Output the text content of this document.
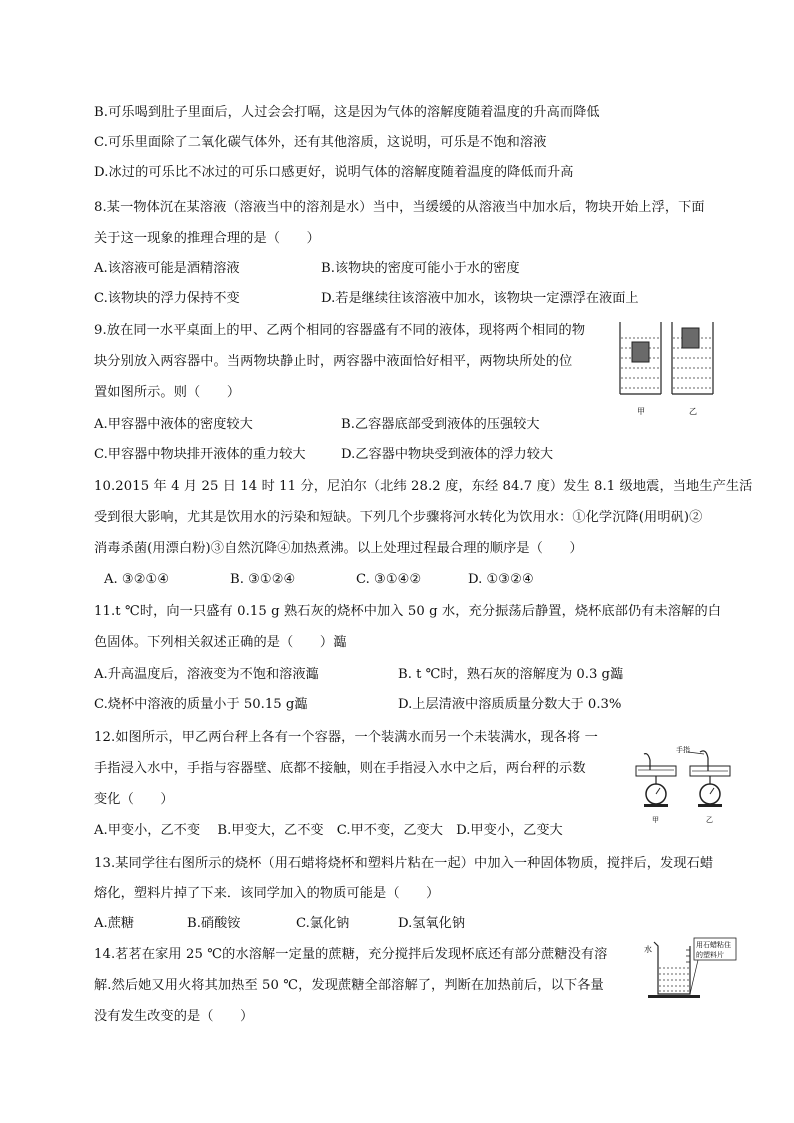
B.可乐喝到肚子里面后，人过会会打嗝，这是因为气体的溶解度随着温度的升高而降低
C.可乐里面除了二氧化碳气体外，还有其他溶质，这说明，可乐是不饱和溶液
D.冰过的可乐比不冰过的可乐口感更好，说明气体的溶解度随着温度的降低而升高
8.某一物体沉在某溶液（溶液当中的溶剂是水）当中，当缓缓的从溶液当中加水后，物块开始上浮，下面
关于这一现象的推理合理的是（　　）
A.该溶液可能是酒精溶液	B.该物块的密度可能小于水的密度
C.该物块的浮力保持不变	D.若是继续往该溶液中加水，该物块一定漂浮在液面上
9.放在同一水平桌面上的甲、乙两个相同的容器盛有不同的液体，现将两个相同的物
块分别放入两容器中。当两物块静止时，两容器中液面恰好相平，两物块所处的位
置如图所示。则（　　）
A.甲容器中液体的密度较大	B.乙容器底部受到液体的压强较大
C.甲容器中物块排开液体的重力较大	D.乙容器中物块受到液体的浮力较大
甲	乙
10.2015 年 4 月 25 日 14 时 11 分，尼泊尔（北纬 28.2 度，东经 84.7 度）发生 8.1 级地震，当地生产生活
受到很大影响，尤其是饮用水的污染和短缺。下列几个步骤将河水转化为饮用水：①化学沉降(用明矾)②
消毒杀菌(用漂白粉)③自然沉降④加热煮沸。以上处理过程最合理的顺序是（　　）
A. ③②①④	B. ③①②④	C. ③①④②	D. ①③②④
11.t ℃时，向一只盛有 0.15 g 熟石灰的烧杯中加入 50 g 水，充分振荡后静置，烧杯底部仍有未溶解的白
色固体。下列相关叙述正确的是（　　）瀶
A.升高温度后，溶液变为不饱和溶液瀶	B. t ℃时，熟石灰的溶解度为 0.3 g瀶
C.烧杯中溶液的质量小于 50.15 g瀶	D.上层清液中溶质质量分数大于 0.3%
12.如图所示，甲乙两台秤上各有一个容器，一个装满水而另一个未装满水，现各将 一
手指浸入水中，手指与容器壁、底都不接触，则在手指浸入水中之后，两台秤的示数
变化（　　）
A.甲变小，乙不变　 B.甲变大，乙不变　C.甲不变，乙变大　D.甲变小，乙变大
手指
甲	乙
13.某同学往右图所示的烧杯（用石蜡将烧杯和塑料片粘在一起）中加入一种固体物质，搅拌后，发现石蜡
熔化，塑料片掉了下来．该同学加入的物质可能是（　　）
A.蔗糖	B.硝酸铵	C.氯化钠	D.氢氧化钠
14.茗茗在家用 25 ℃的水溶解一定量的蔗糖，充分搅拌后发现杯底还有部分蔗糖没有溶
解.然后她又用火将其加热至 50 ℃，发现蔗糖全部溶解了，判断在加热前后，以下各量
没有发生改变的是（　　）
水	用石蜡粘住
的塑料片
